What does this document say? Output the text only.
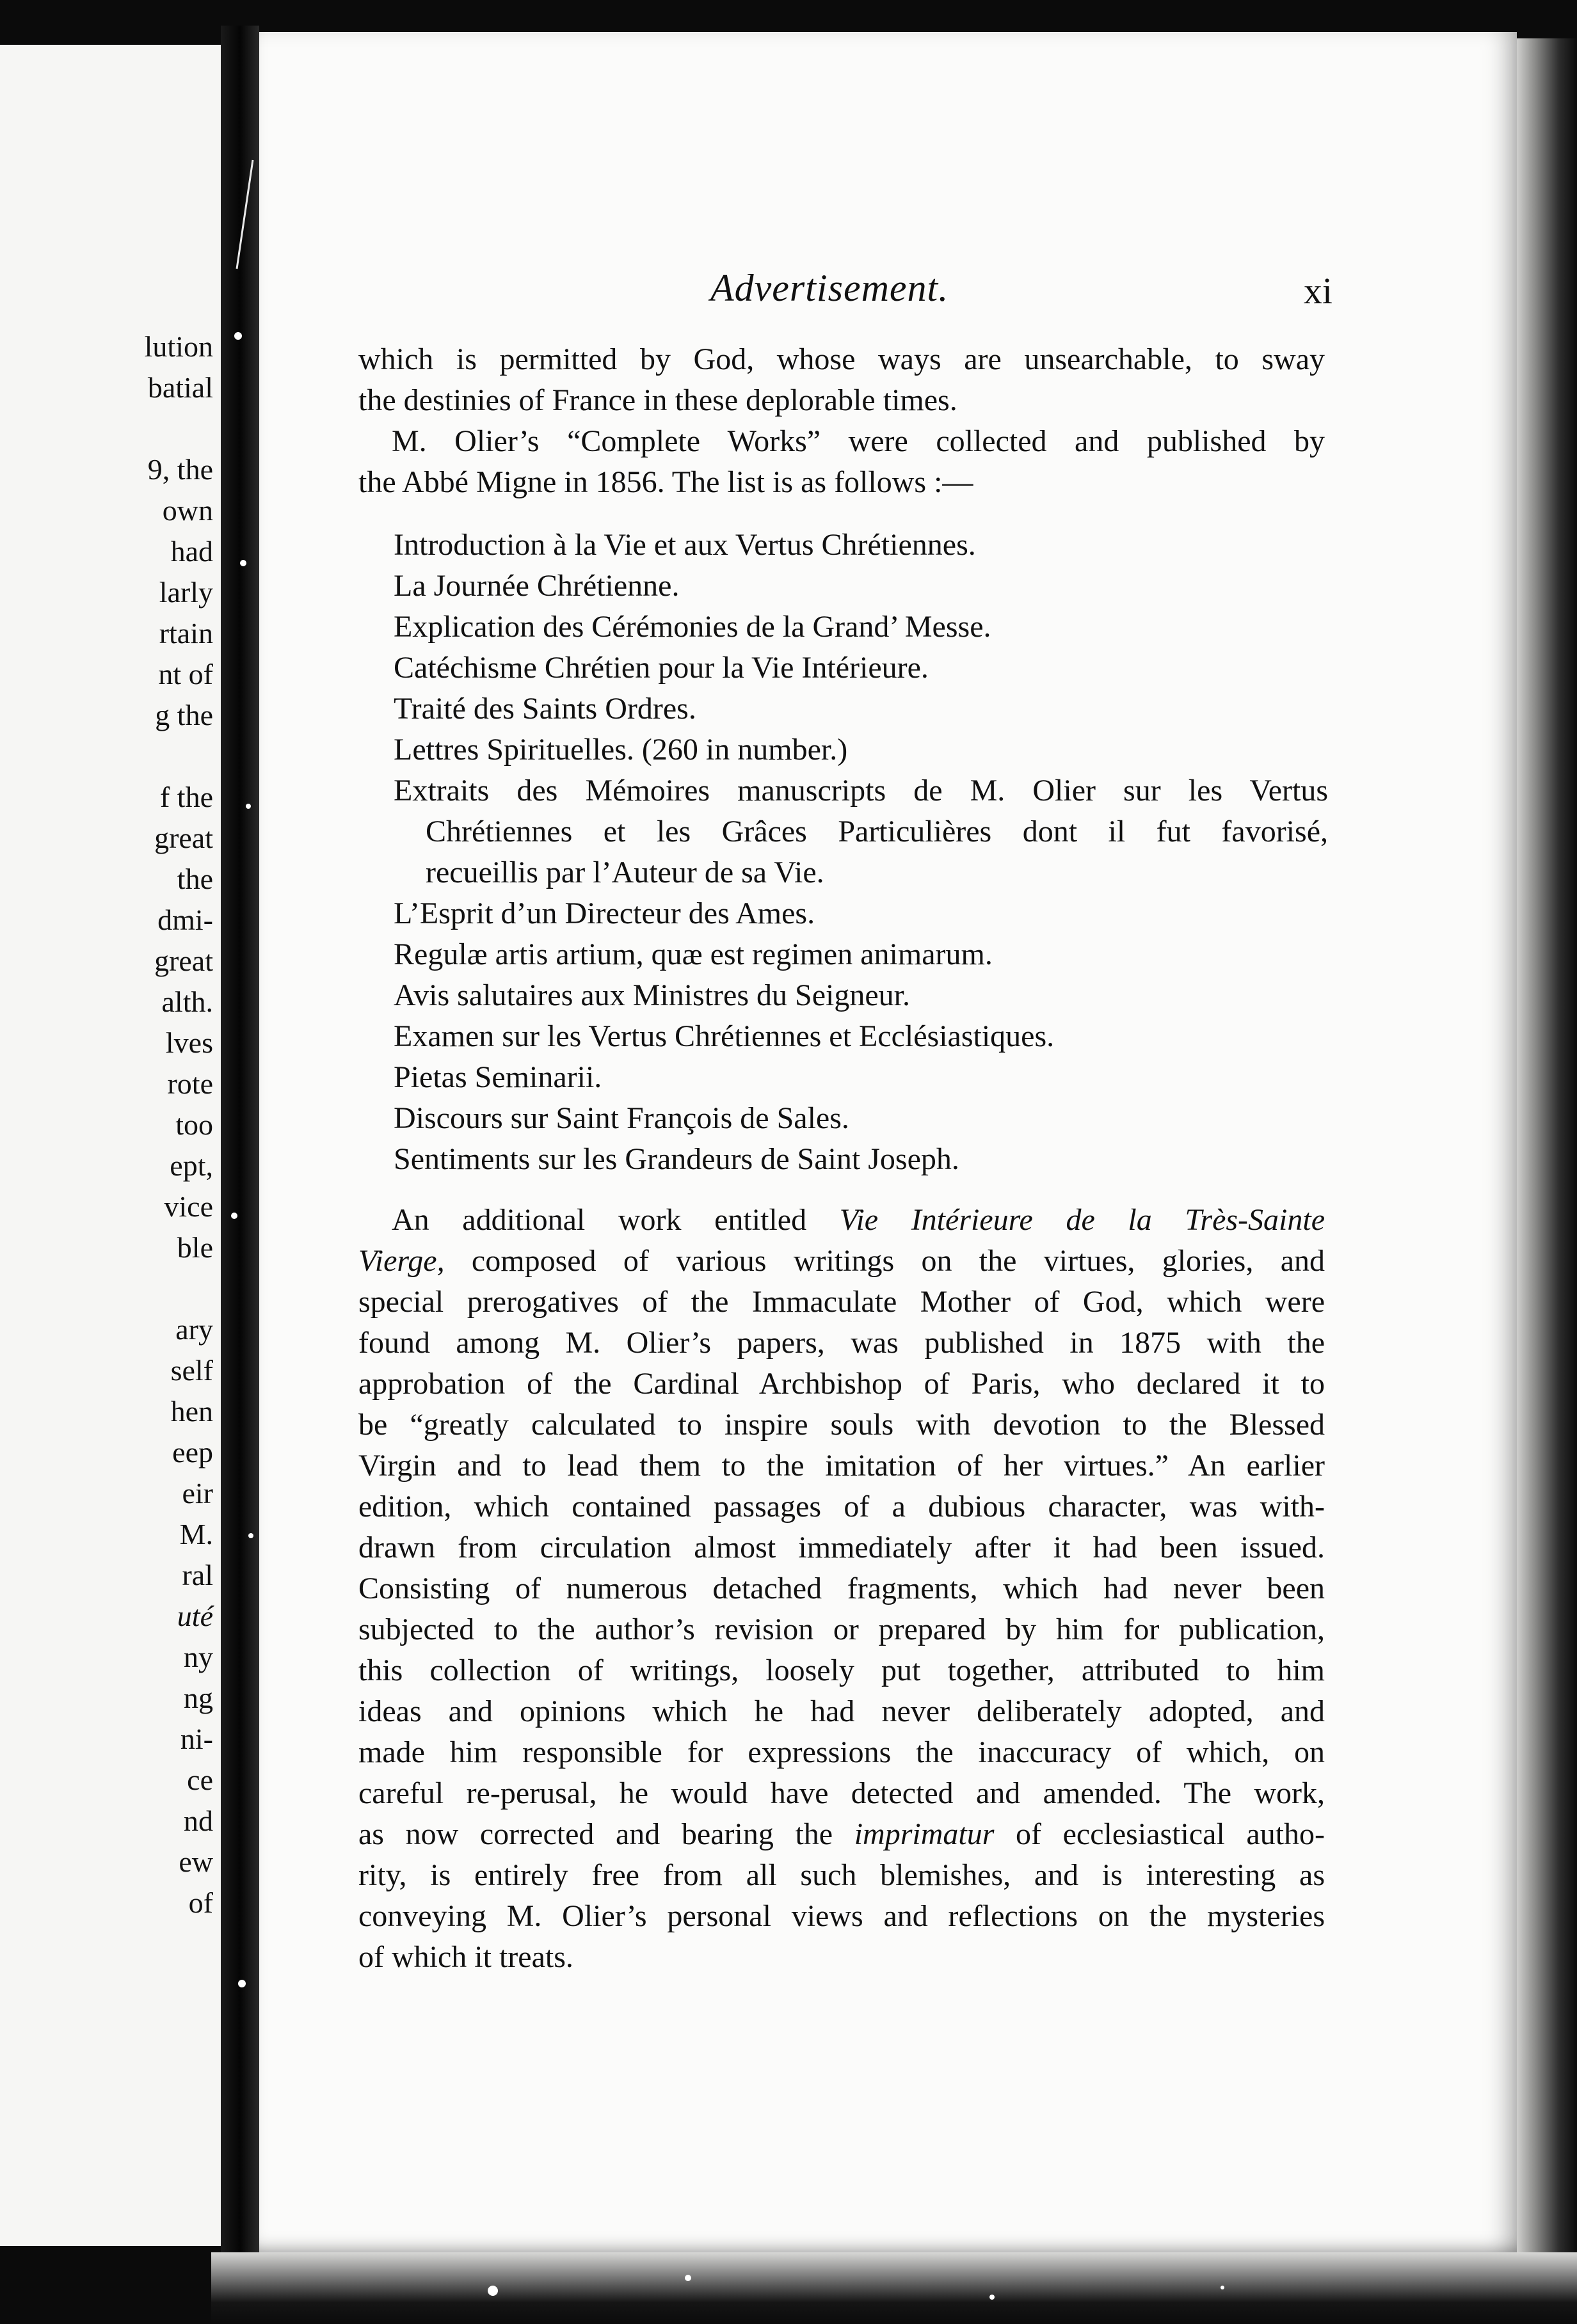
lution
batial
9, the
own
had
larly
rtain
nt of
g the
f the
great
the
dmi-
great
alth.
lves
rote
too
ept,
vice
ble
ary
self
hen
eep
eir
M.
ral
uté
ny
ng
ni-
ce
nd
ew
of
Advertisement.	xi
which is permitted by God, whose ways are unsearchable, to sway
the destinies of France in these deplorable times.
M. Olier’s “Complete Works” were collected and published by
the Abbé Migne in 1856. The list is as follows :—
Introduction à la Vie et aux Vertus Chrétiennes.
La Journée Chrétienne.
Explication des Cérémonies de la Grand’ Messe.
Catéchisme Chrétien pour la Vie Intérieure.
Traité des Saints Ordres.
Lettres Spirituelles. (260 in number.)
Extraits des Mémoires manuscripts de M. Olier sur les Vertus
Chrétiennes et les Grâces Particulières dont il fut favorisé,
recueillis par l’Auteur de sa Vie.
L’Esprit d’un Directeur des Ames.
Regulæ artis artium, quæ est regimen animarum.
Avis salutaires aux Ministres du Seigneur.
Examen sur les Vertus Chrétiennes et Ecclésiastiques.
Pietas Seminarii.
Discours sur Saint François de Sales.
Sentiments sur les Grandeurs de Saint Joseph.
An additional work entitled Vie Intérieure de la Très-Sainte
Vierge, composed of various writings on the virtues, glories, and
special prerogatives of the Immaculate Mother of God, which were
found among M. Olier’s papers, was published in 1875 with the
approbation of the Cardinal Archbishop of Paris, who declared it to
be “greatly calculated to inspire souls with devotion to the Blessed
Virgin and to lead them to the imitation of her virtues.” An earlier
edition, which contained passages of a dubious character, was with-
drawn from circulation almost immediately after it had been issued.
Consisting of numerous detached fragments, which had never been
subjected to the author’s revision or prepared by him for publication,
this collection of writings, loosely put together, attributed to him
ideas and opinions which he had never deliberately adopted, and
made him responsible for expressions the inaccuracy of which, on
careful re-perusal, he would have detected and amended. The work,
as now corrected and bearing the imprimatur of ecclesiastical autho-
rity, is entirely free from all such blemishes, and is interesting as
conveying M. Olier’s personal views and reflections on the mysteries
of which it treats.
